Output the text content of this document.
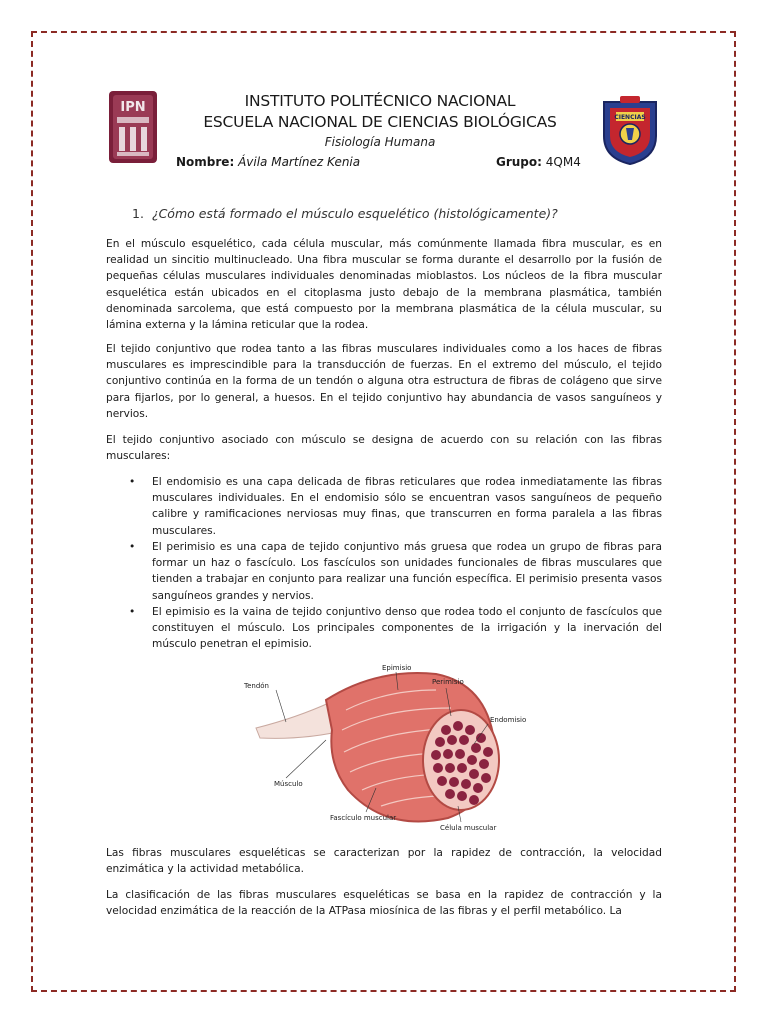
IPN
CIENCIAS
INSTITUTO POLITÉCNICO NACIONAL
ESCUELA NACIONAL DE CIENCIAS BIOLÓGICAS
Fisiología Humana
Nombre: Ávila Martínez Kenia	Grupo: 4QM4
1. ¿Cómo está formado el músculo esquelético (histológicamente)?

En el músculo esquelético, cada célula muscular, más comúnmente llamada fibra muscular, es en realidad un sincitio multinucleado. Una fibra muscular se forma durante el desarrollo por la fusión de pequeñas células musculares individuales denominadas mioblastos. Los núcleos de la fibra muscular esquelética están ubicados en el citoplasma justo debajo de la membrana plasmática, también denominada sarcolema, que está compuesto por la membrana plasmática de la célula muscular, su lámina externa y la lámina reticular que la rodea.

El tejido conjuntivo que rodea tanto a las fibras musculares individuales como a los haces de fibras musculares es imprescindible para la transducción de fuerzas. En el extremo del músculo, el tejido conjuntivo continúa en la forma de un tendón o alguna otra estructura de fibras de colágeno que sirve para fijarlos, por lo general, a huesos. En el tejido conjuntivo hay abundancia de vasos sanguíneos y nervios.

El tejido conjuntivo asociado con músculo se designa de acuerdo con su relación con las fibras musculares:

• El endomisio es una capa delicada de fibras reticulares que rodea inmediatamente las fibras musculares individuales. En el endomisio sólo se encuentran vasos sanguíneos de pequeño calibre y ramificaciones nerviosas muy finas, que transcurren en forma paralela a las fibras musculares.
• El perimisio es una capa de tejido conjuntivo más gruesa que rodea un grupo de fibras para formar un haz o fascículo. Los fascículos son unidades funcionales de fibras musculares que tienden a trabajar en conjunto para realizar una función específica. El perimisio presenta vasos sanguíneos grandes y nervios.
• El epimisio es la vaina de tejido conjuntivo denso que rodea todo el conjunto de fascículos que constituyen el músculo. Los principales componentes de la irrigación y la inervación del músculo penetran el epimisio.
Epimisio
Tendón	Perimisio
Endomisio
Músculo
Fascículo muscular
Célula muscular

Las fibras musculares esqueléticas se caracterizan por la rapidez de contracción, la velocidad enzimática y la actividad metabólica.

La clasificación de las fibras musculares esqueléticas se basa en la rapidez de contracción y la velocidad enzimática de la reacción de la ATPasa miosínica de las fibras y el perfil metabólico. La
